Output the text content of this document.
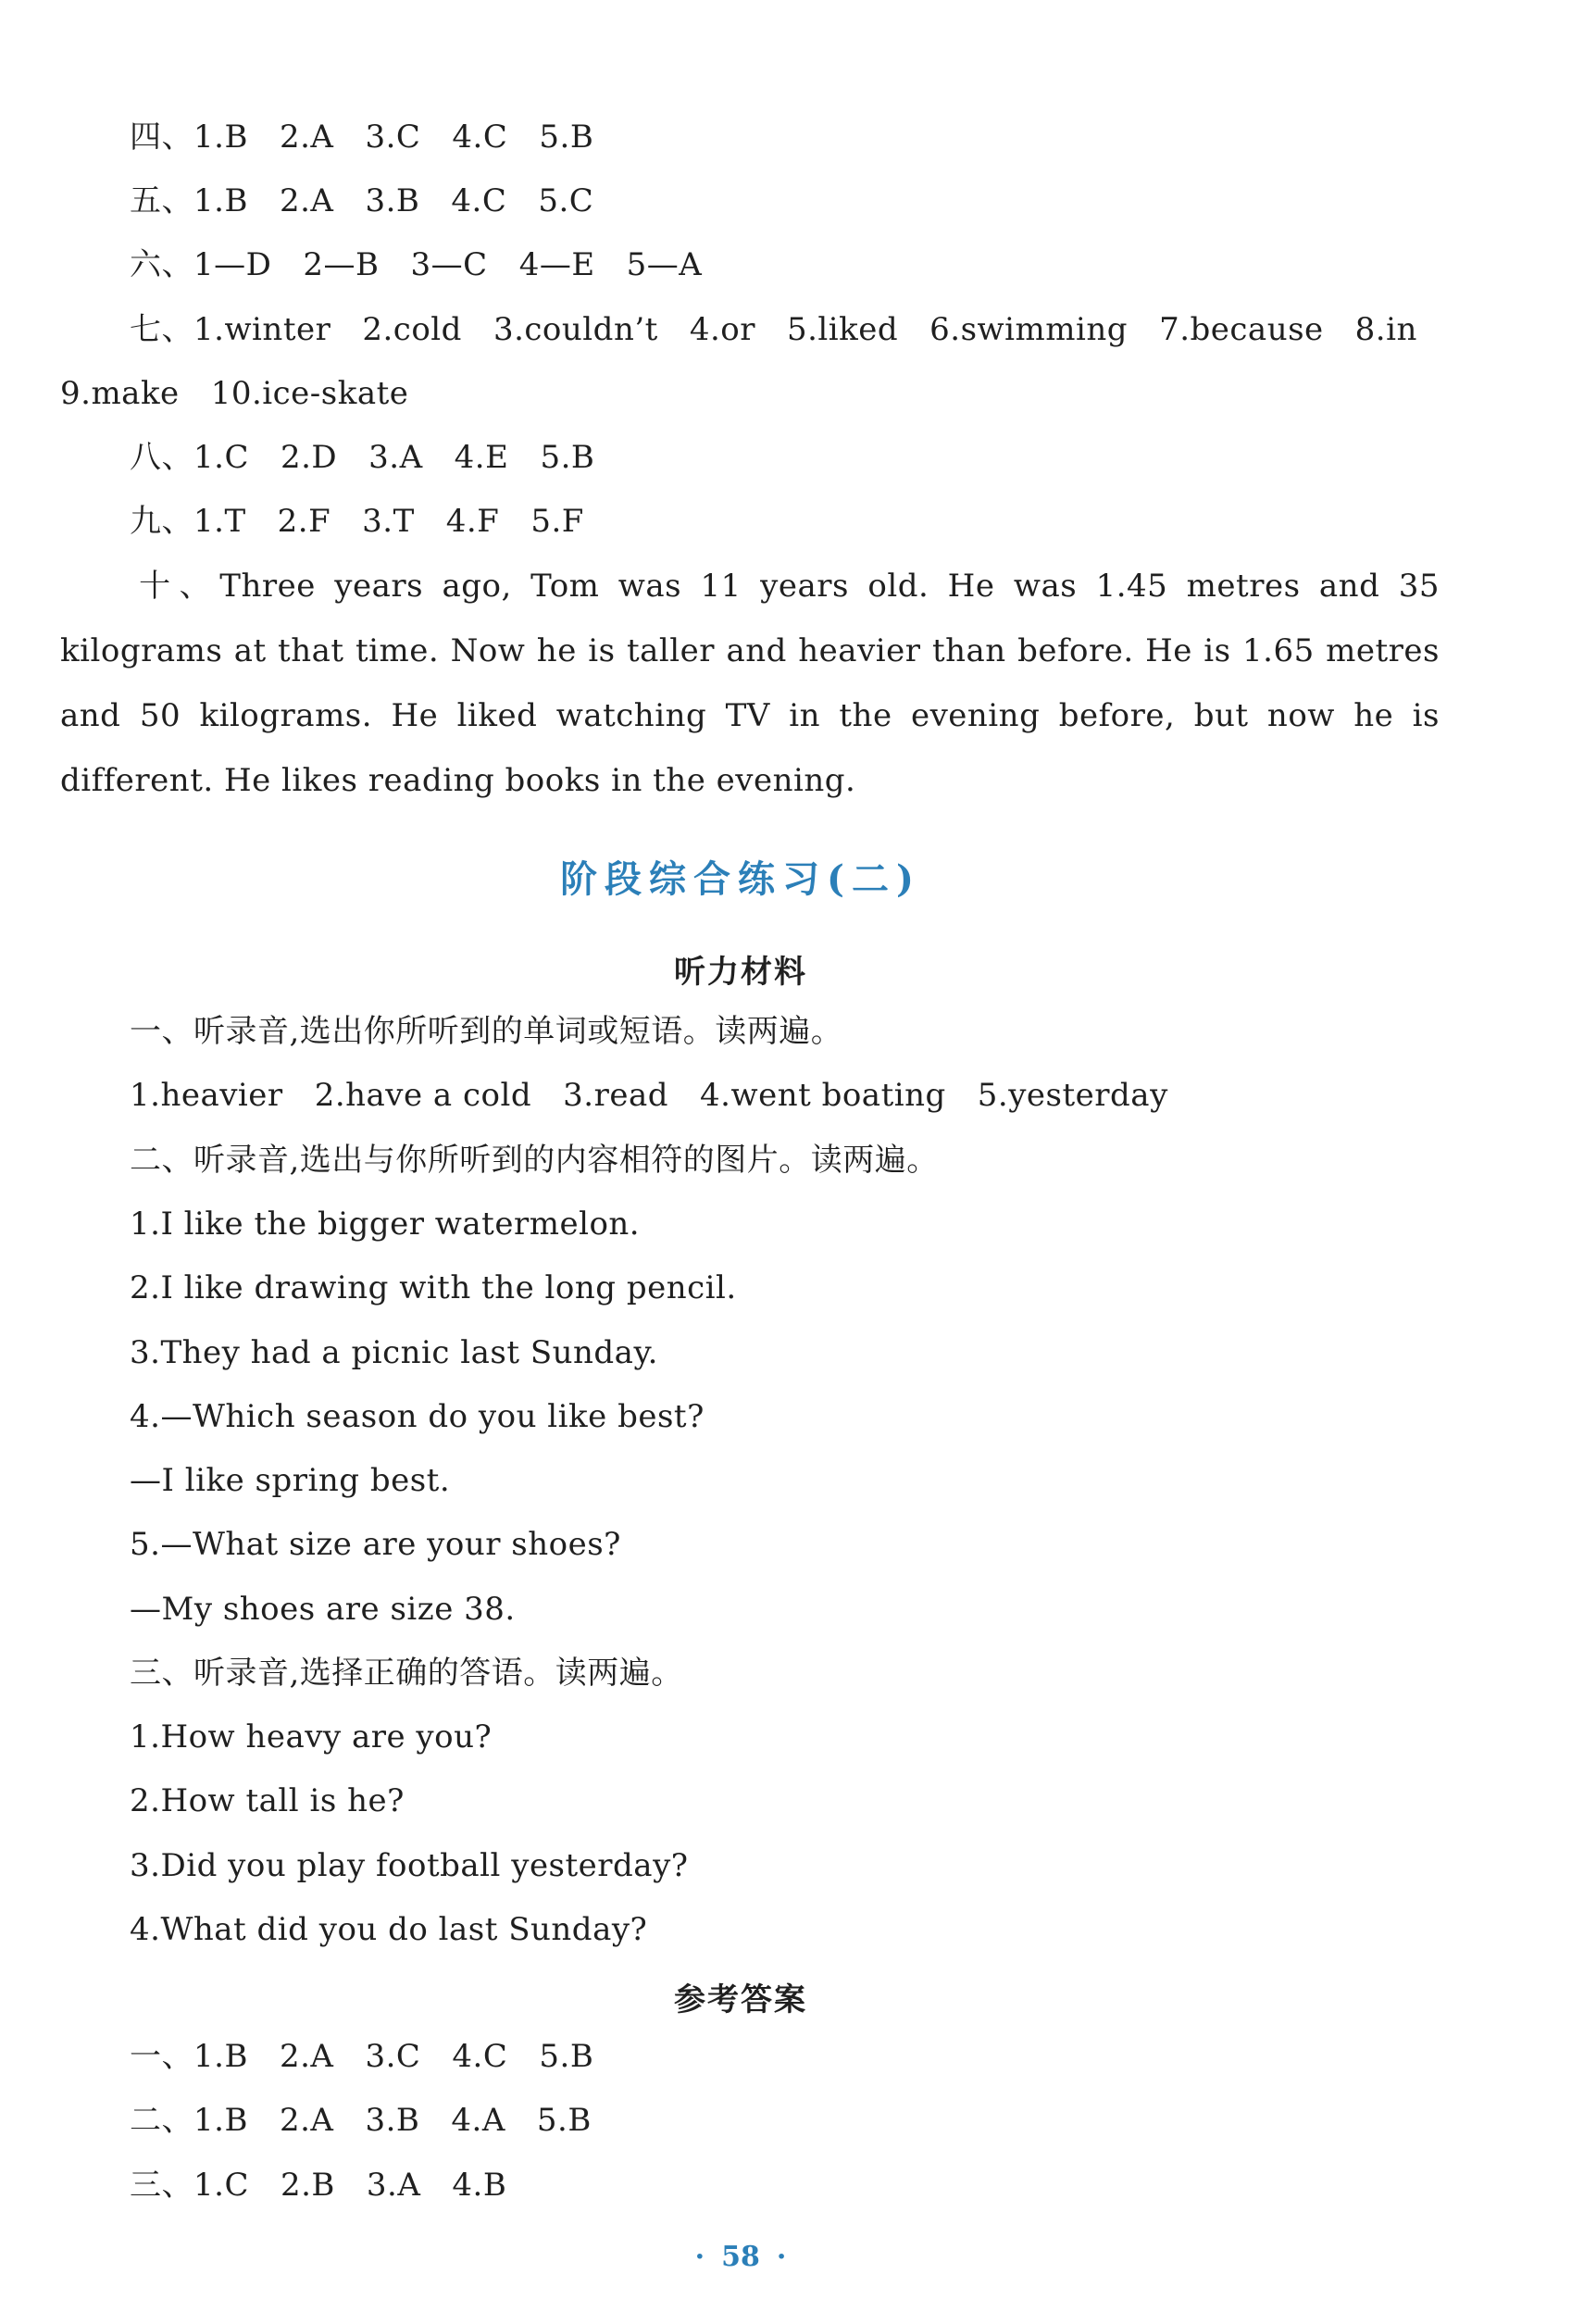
四、1.B 2.A 3.C 4.C 5.B
五、1.B 2.A 3.B 4.C 5.C
六、1—D 2—B 3—C 4—E 5—A
七、1.winter 2.cold 3.couldn’t 4.or 5.liked 6.swimming 7.because 8.in
9.make 10.ice-skate
八、1.C 2.D 3.A 4.E 5.B
九、1.T 2.F 3.T 4.F 5.F
十、Three years ago, Tom was 11 years old. He was 1.45 metres and 35 kilograms at that time. Now he is taller and heavier than before. He is 1.65 metres and 50 kilograms. He liked watching TV in the evening before, but now he is different. He likes reading books in the evening.
阶段综合练习(二)
听力材料
一、听录音,选出你所听到的单词或短语。读两遍。
1.heavier 2.have a cold 3.read 4.went boating 5.yesterday
二、听录音,选出与你所听到的内容相符的图片。读两遍。
1.I like the bigger watermelon.
2.I like drawing with the long pencil.
3.They had a picnic last Sunday.
4.—Which season do you like best?
—I like spring best.
5.—What size are your shoes?
—My shoes are size 38.
三、听录音,选择正确的答语。读两遍。
1.How heavy are you?
2.How tall is he?
3.Did you play football yesterday?
4.What did you do last Sunday?
参考答案
一、1.B 2.A 3.C 4.C 5.B
二、1.B 2.A 3.B 4.A 5.B
三、1.C 2.B 3.A 4.B
· 58 ·
